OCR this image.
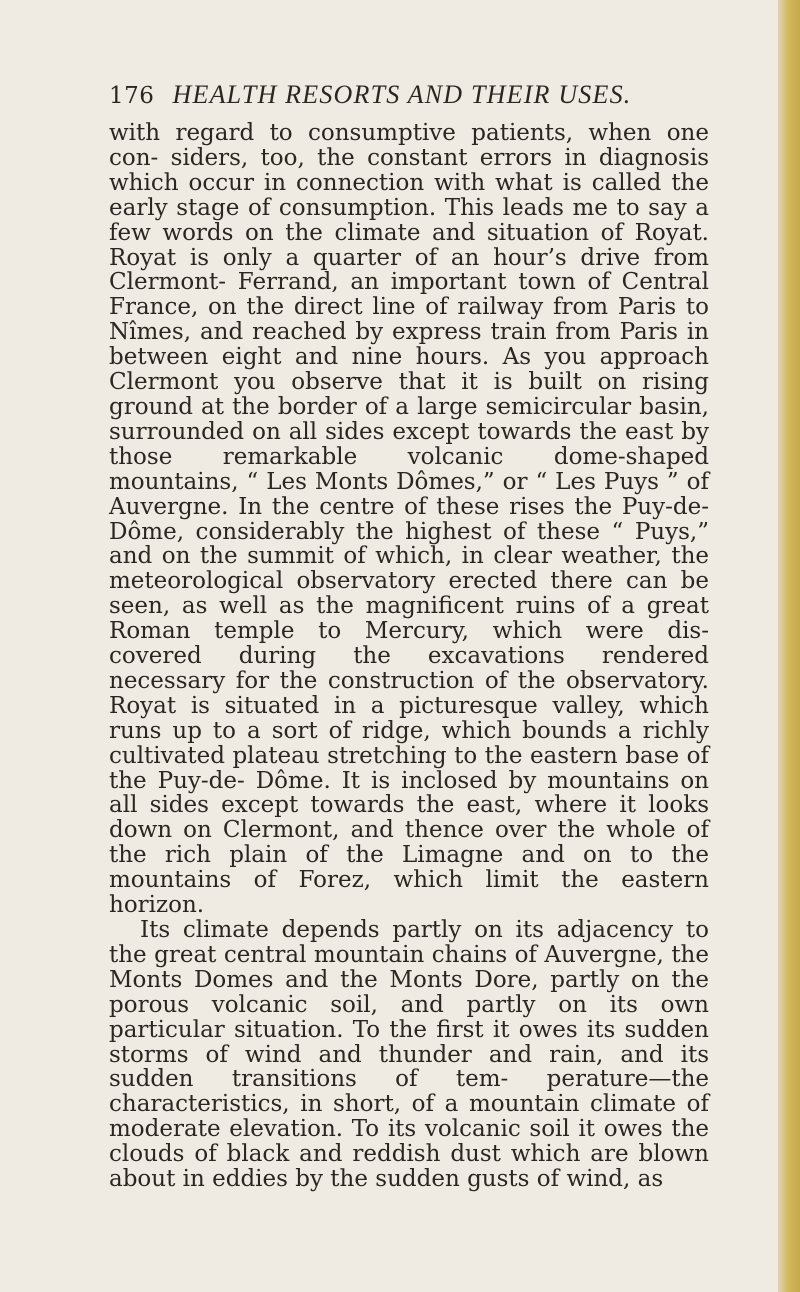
176 HEALTH RESORTS AND THEIR USES.

with regard to consumptive patients, when one con- siders, too, the constant errors in diagnosis which occur in connection with what is called the early stage of consumption. This leads me to say a few words on the climate and situation of Royat. Royat is only a quarter of an hour’s drive from Clermont- Ferrand, an important town of Central France, on the direct line of railway from Paris to Nîmes, and reached by express train from Paris in between eight and nine hours. As you approach Clermont you observe that it is built on rising ground at the border of a large semicircular basin, surrounded on all sides except towards the east by those remarkable volcanic dome-shaped mountains, “ Les Monts Dômes,” or “ Les Puys ” of Auvergne. In the centre of these rises the Puy-de-Dôme, considerably the highest of these “ Puys,” and on the summit of which, in clear weather, the meteorological observatory erected there can be seen, as well as the magnificent ruins of a great Roman temple to Mercury, which were dis- covered during the excavations rendered necessary for the construction of the observatory. Royat is situated in a picturesque valley, which runs up to a sort of ridge, which bounds a richly cultivated plateau stretching to the eastern base of the Puy-de- Dôme. It is inclosed by mountains on all sides except towards the east, where it looks down on Clermont, and thence over the whole of the rich plain of the Limagne and on to the mountains of Forez, which limit the eastern horizon.

Its climate depends partly on its adjacency to the great central mountain chains of Auvergne, the Monts Domes and the Monts Dore, partly on the porous volcanic soil, and partly on its own particular situation. To the first it owes its sudden storms of wind and thunder and rain, and its sudden transitions of tem- perature—the characteristics, in short, of a mountain climate of moderate elevation. To its volcanic soil it owes the clouds of black and reddish dust which are blown about in eddies by the sudden gusts of wind, as
